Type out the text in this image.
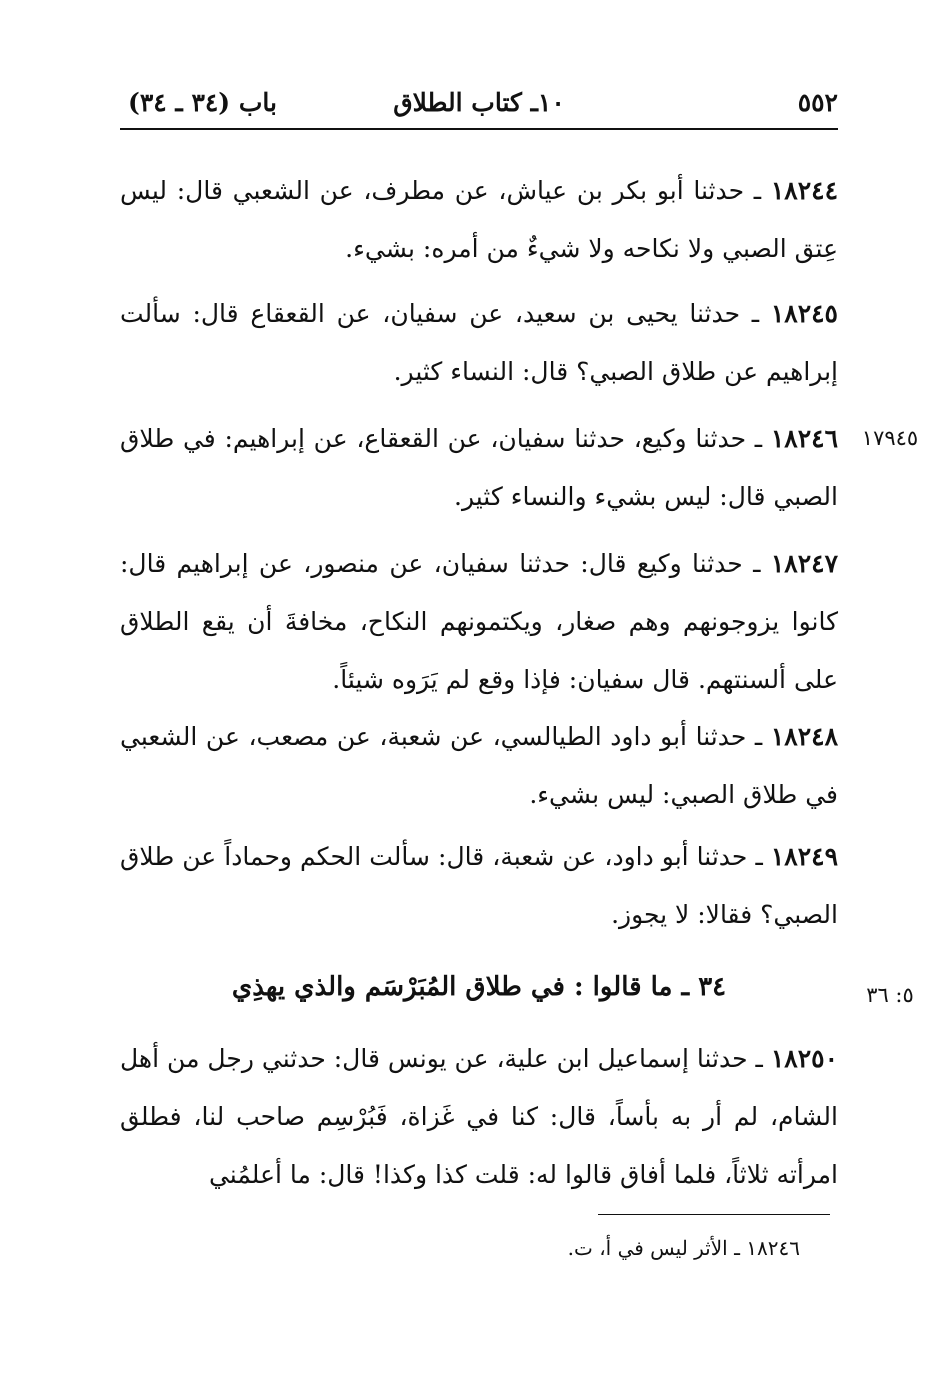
٥٥٢
١٠ـ كتاب الطلاق
باب (٣٤ ـ ٣٤)
١٨٢٤٤ ـ حدثنا أبو بكر بن عياش، عن مطرف، عن الشعبي قال: ليس عِتق الصبي ولا نكاحه ولا شيءٌ من أمره: بشيء.
١٨٢٤٥ ـ حدثنا يحيى بن سعيد، عن سفيان، عن القعقاع قال: سألت إبراهيم عن طلاق الصبي؟ قال: النساء كثير.
١٧٩٤٥
١٨٢٤٦ ـ حدثنا وكيع، حدثنا سفيان، عن القعقاع، عن إبراهيم: في طلاق الصبي قال: ليس بشيء والنساء كثير.
١٨٢٤٧ ـ حدثنا وكيع قال: حدثنا سفيان، عن منصور، عن إبراهيم قال: كانوا يزوجونهم وهم صغار، ويكتمونهم النكاح، مخافةَ أن يقع الطلاق على ألسنتهم. قال سفيان: فإذا وقع لم يَرَوه شيئاً.
١٨٢٤٨ ـ حدثنا أبو داود الطيالسي، عن شعبة، عن مصعب، عن الشعبي في طلاق الصبي: ليس بشيء.
١٨٢٤٩ ـ حدثنا أبو داود، عن شعبة، قال: سألت الحكم وحماداً عن طلاق الصبي؟ فقالا: لا يجوز.
٥: ٣٦
٣٤ ـ ما قالوا : في طلاق المُبَرْسَم والذي يهذِي
١٨٢٥٠ ـ حدثنا إسماعيل ابن علية، عن يونس قال: حدثني رجل من أهل الشام، لم أر به بأساً، قال: كنا في غَزاة، فَبُرْسِم صاحب لنا، فطلق امرأته ثلاثاً، فلما أفاق قالوا له: قلت كذا وكذا! قال: ما أعلمُني
١٨٢٤٦ ـ الأثر ليس في أ، ت.
